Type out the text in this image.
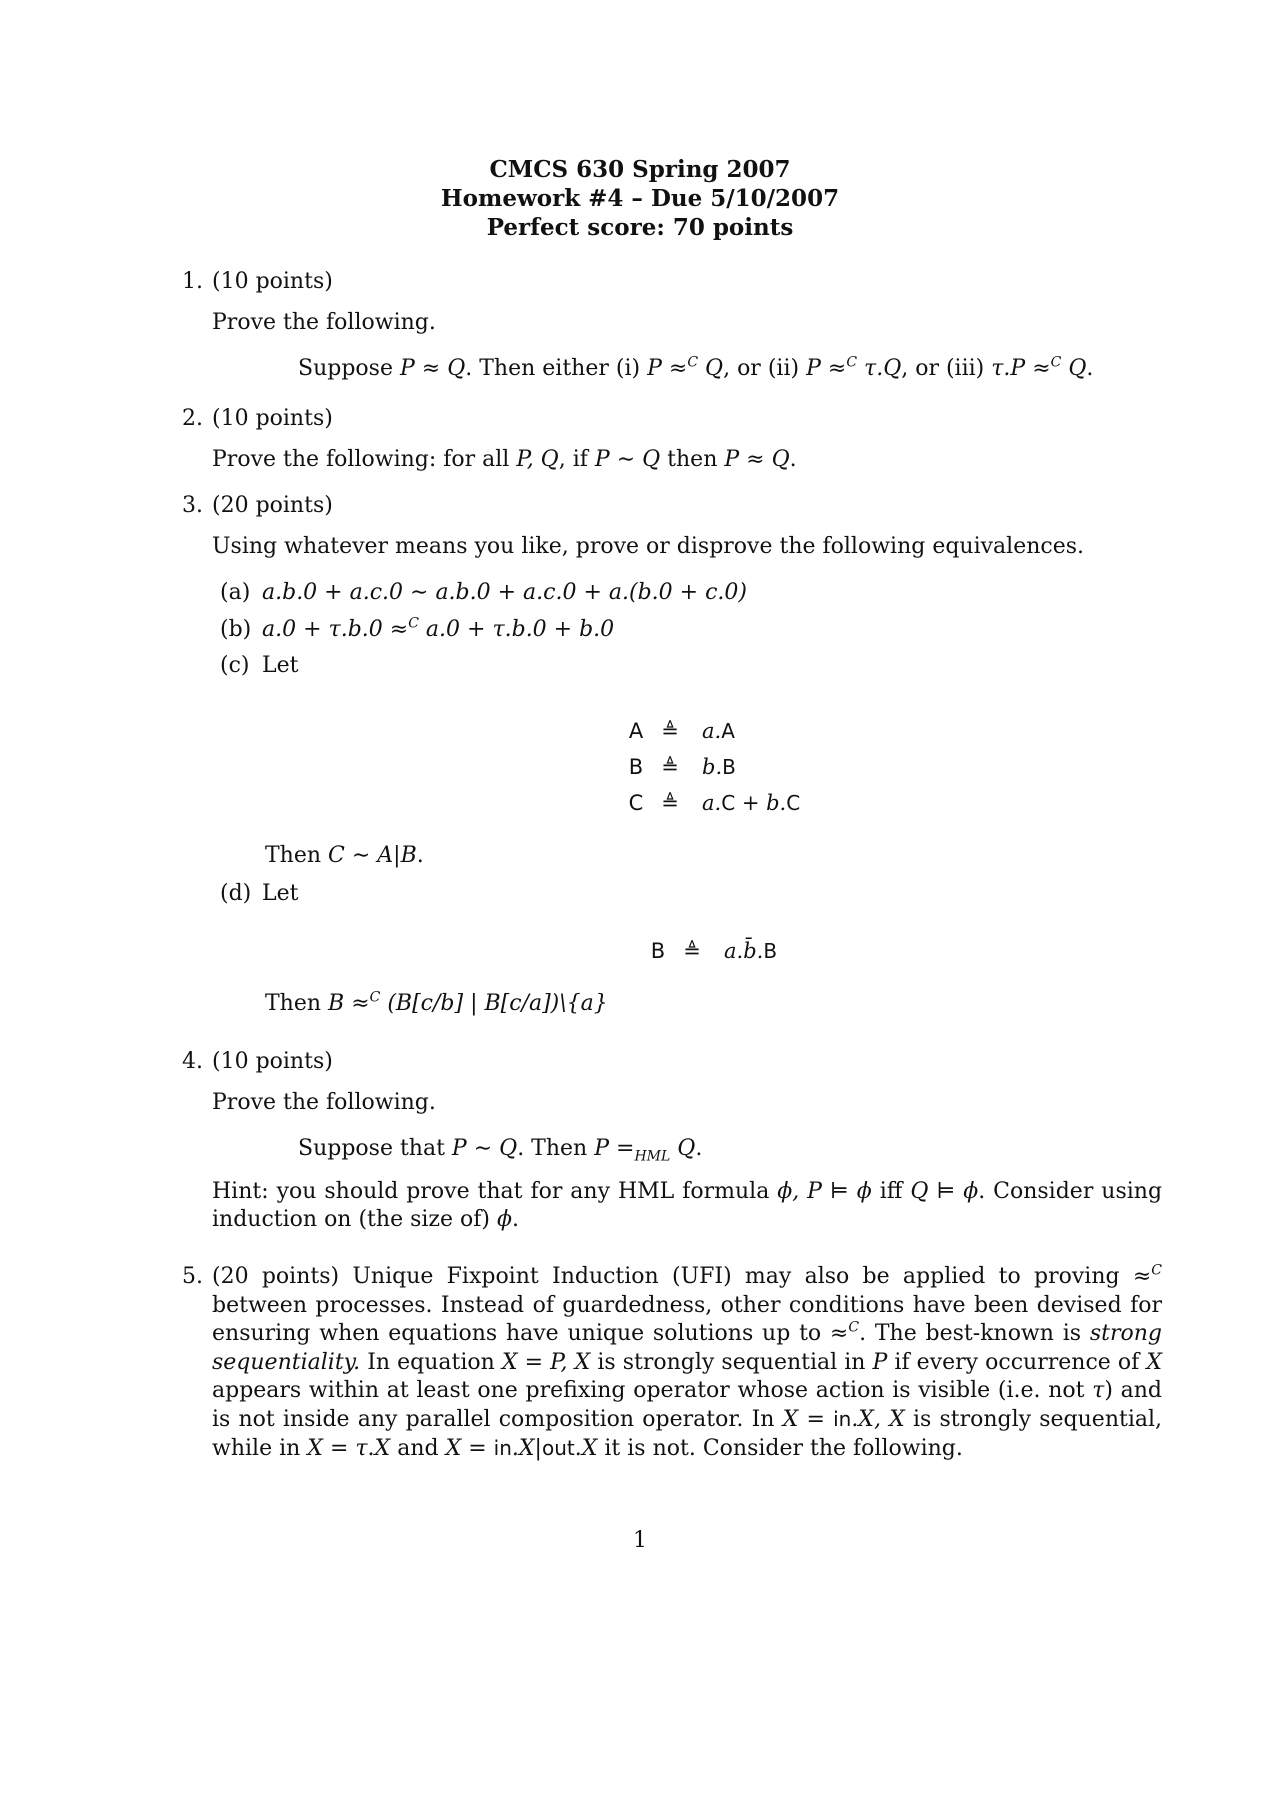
CMCS 630 Spring 2007
Homework #4 – Due 5/10/2007
Perfect score: 70 points
1. (10 points)
Prove the following.
Suppose P ≈ Q. Then either (i) P ≈$^C$ Q, or (ii) P ≈$^C$ τ.Q, or (iii) τ.P ≈$^C$ Q.
2. (10 points)
Prove the following: for all P, Q, if P ∼ Q then P ≈ Q.
3. (20 points)
Using whatever means you like, prove or disprove the following equivalences.
(a) a.b.0 + a.c.0 ∼ a.b.0 + a.c.0 + a.(b.0 + c.0)
(b) a.0 + τ.b.0 ≈$^C$ a.0 + τ.b.0 + b.0
(c) Let
A ≜	a.A
B ≜	b.B
C ≜	a.C + b.C
Then C ∼ A|B.
(d) Let
B ≜	a.b̄.B
Then B ≈$^C$ (B[c/b] | B[c/a])\{a}
4. (10 points)
Prove the following.
Suppose that P ∼ Q. Then $P =_{HML}$ Q.
Hint: you should prove that for any HML formula ϕ, P ⊨ ϕ iff Q ⊨ ϕ. Consider using induction on (the size of) ϕ.
5. (20 points) Unique Fixpoint Induction (UFI) may also be applied to proving ≈$^C$ between processes. Instead of guardedness, other conditions have been devised for ensuring when equations have unique solutions up to ≈$^C$. The best-known is strong sequentiality. In equation X = P, X is strongly sequential in P if every occurrence of X appears within at least one prefixing operator whose action is visible (i.e. not τ) and is not inside any parallel composition operator. In X = in.X, X is strongly sequential, while in X = τ.X and X = in.X|out.X it is not. Consider the following.
1
